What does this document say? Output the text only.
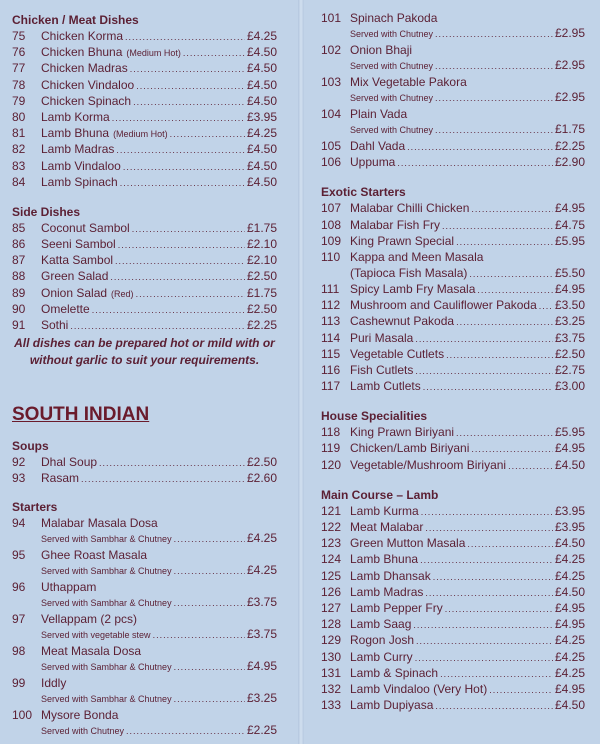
Chicken / Meat Dishes
75	Chicken Korma .....	£4.25
76	Chicken Bhuna (Medium Hot) .....	£4.50
77	Chicken Madras .....	£4.50
78	Chicken Vindaloo .....	£4.50
79	Chicken Spinach .....	£4.50
80	Lamb Korma .....	£3.95
81	Lamb Bhuna (Medium Hot) .....	£4.25
82	Lamb Madras .....	£4.50
83	Lamb Vindaloo .....	£4.50
84	Lamb Spinach .....	£4.50
Side Dishes
85	Coconut Sambol .....	£1.75
86	Seeni Sambol .....	£2.10
87	Katta Sambol .....	£2.10
88	Green Salad .....	£2.50
89	Onion Salad (Red) .....	£1.75
90	Omelette .....	£2.50
91	Sothi .....	£2.25
All dishes can be prepared hot or mild with or without garlic to suit your requirements.
SOUTH INDIAN
Soups
92	Dhal Soup .....	£2.50
93	Rasam .....	£2.60
Starters
94	Malabar Masala Dosa
Served with Sambhar & Chutney .....	£4.25
95	Ghee Roast Masala
Served with Sambhar & Chutney .....	£4.25
96	Uthappam
Served with Sambhar & Chutney .....	£3.75
97	Vellappam (2 pcs)
Served with vegetable stew .....	£3.75
98	Meat Masala Dosa
Served with Sambhar & Chutney .....	£4.95
99	Iddly
Served with Sambhar & Chutney .....	£3.25
100 Mysore Bonda
Served with Chutney .....	£2.25
101 Spinach Pakoda
Served with Chutney .....	£2.95
102 Onion Bhaji
Served with Chutney .....	£2.95
103 Mix Vegetable Pakora
Served with Chutney .....	£2.95
104 Plain Vada
Served with Chutney .....	£1.75
105 Dahl Vada .....	£2.25
106 Uppuma .....	£2.90
Exotic Starters
107 Malabar Chilli Chicken .....	£4.95
108 Malabar Fish Fry .....	£4.75
109 King Prawn Special .....	£5.95
110 Kappa and Meen Masala
(Tapioca Fish Masala) .....	£5.50
111 Spicy Lamb Fry Masala .....	£4.95
112 Mushroom and Cauliflower Pakoda ..... £3.50
113 Cashewnut Pakoda .....	£3.25
114 Puri Masala .....	£3.75
115 Vegetable Cutlets .....	£2.50
116 Fish Cutlets .....	£2.75
117 Lamb Cutlets .....	£3.00
House Specialities
118 King Prawn Biriyani .....	£5.95
119 Chicken/Lamb Biriyani .....	£4.95
120 Vegetable/Mushroom Biriyani .....	£4.50
Main Course – Lamb
121 Lamb Kurma .....	£3.95
122 Meat Malabar .....	£3.95
123 Green Mutton Masala .....	£4.50
124 Lamb Bhuna .....	£4.25
125 Lamb Dhansak .....	£4.25
126 Lamb Madras .....	£4.50
127 Lamb Pepper Fry .....	£4.95
128 Lamb Saag .....	£4.95
129 Rogon Josh .....	£4.25
130 Lamb Curry .....	£4.25
131 Lamb & Spinach .....	£4.25
132 Lamb Vindaloo (Very Hot) .....	£4.95
133 Lamb Dupiyasa .....	£4.50
